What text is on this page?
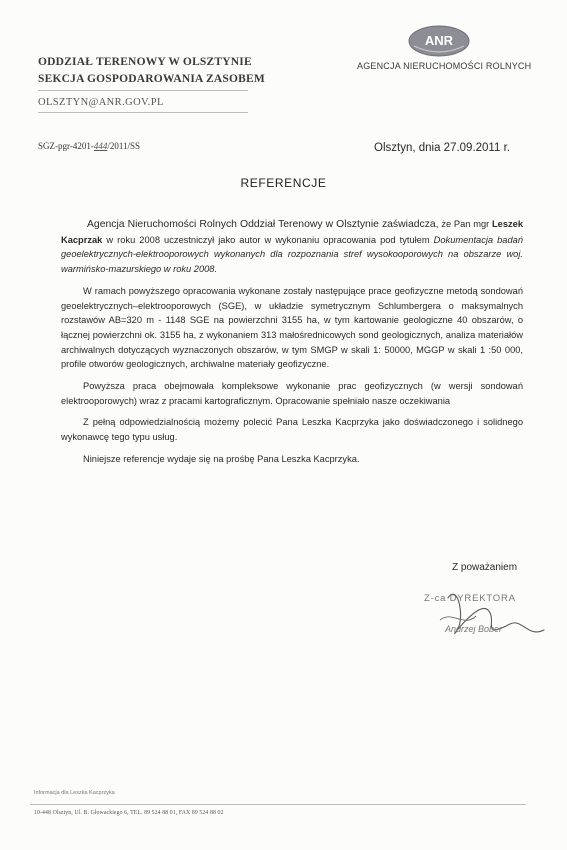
ODDZIAŁ TERENOWY W OLSZTYNIE
SEKCJA GOSPODAROWANIA ZASOBEM
OLSZTYN@ANR.GOV.PL
ANR
AGENCJA NIERUCHOMOŚCI ROLNYCH
SGZ-pgr-4201-444/2011/SS	Olsztyn, dnia 27.09.2011 r.
REFERENCJE

Agencja Nieruchomości Rolnych Oddział Terenowy w Olsztynie zaświadcza, że Pan mgr Leszek Kacprzak w roku 2008 uczestniczył jako autor w wykonaniu opracowania pod tytułem Dokumentacja badań geoelektrycznych-elektrooporowych wykonanych dla rozpoznania stref wysokooporowych na obszarze woj. warmińsko-mazurskiego w roku 2008.

W ramach powyższego opracowania wykonane zostały następujące prace geofizyczne metodą sondowań geoelektrycznych–elektrooporowych (SGE), w układzie symetrycznym Schlumbergera o maksymalnych rozstawów AB=320 m - 1148 SGE na powierzchni 3155 ha, w tym kartowanie geologiczne 40 obszarów, o łącznej powierzchni ok. 3155 ha, z wykonaniem 313 małośrednicowych sond geologicznych, analiza materiałów archiwalnych dotyczących wyznaczonych obszarów, w tym SMGP w skali 1: 50000, MGGP w skali 1 :50 000, profile otworów geologicznych, archiwalne materiały geofizyczne.

Powyższa praca obejmowała kompleksowe wykonanie prac geofizycznych (w wersji sondowań elektrooporowych) wraz z pracami kartograficznym. Opracowanie spełniało nasze oczekiwania

Z pełną odpowiedzialnością możemy polecić Pana Leszka Kacprzyka jako doświadczonego i solidnego wykonawcę tego typu usług.

Niniejsze referencje wydaje się na prośbę Pana Leszka Kacprzyka.

Z poważaniem
Z-ca DYREKTORA
Andrzej Bober
Informacja dla Leszka Kacprzyka
10-448 Olsztyn, Ul. B. Głowackiego 6, TEL. 89 524 88 01, FAX 89 524 88 02
